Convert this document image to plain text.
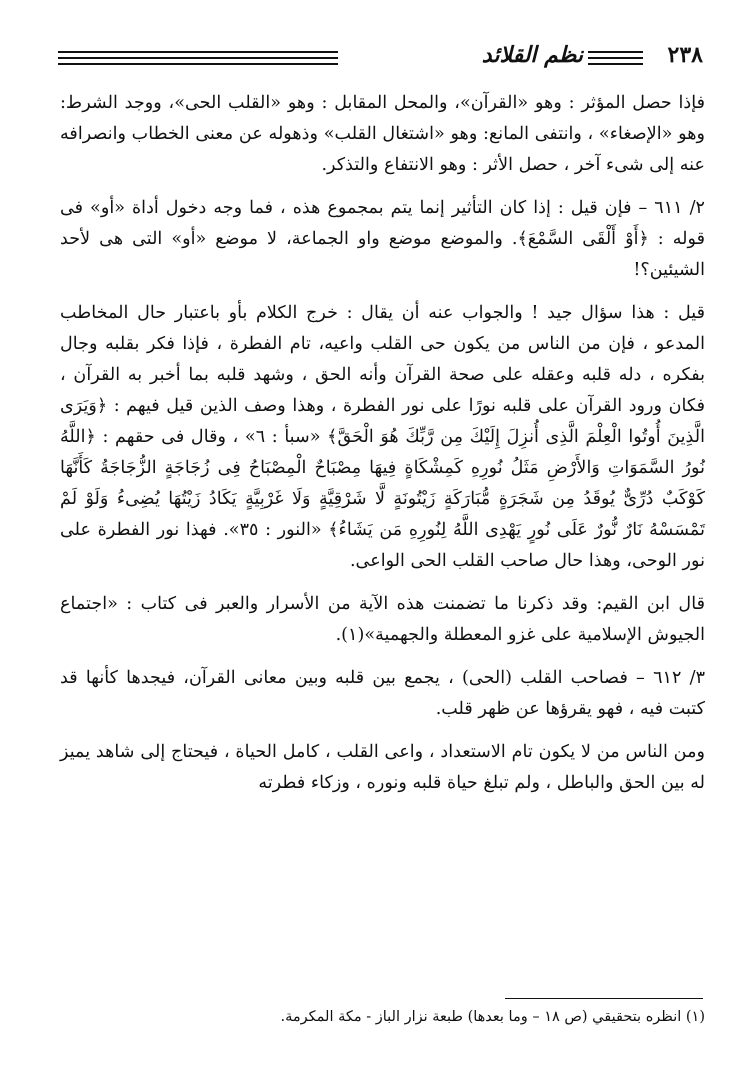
٢٣٨
نظم القلائد

فإذا حصل المؤثر : وهو «القرآن»، والمحل المقابل : وهو «القلب الحى»، ووجد الشرط: وهو «الإصغاء» ، وانتفى المانع: وهو «اشتغال القلب» وذهوله عن معنى الخطاب وانصرافه عنه إلى شىء آخر ، حصل الأثر : وهو الانتفاع والتذكر.

٢/ ٦١١ – فإن قيل : إذا كان التأثير إنما يتم بمجموع هذه ، فما وجه دخول أداة «أو» فى قوله : ﴿أَوْ أَلْقَى السَّمْعَ﴾. والموضع موضع واو الجماعة، لا موضع «أو» التى هى لأحد الشيئين؟!

قيل : هذا سؤال جيد ! والجواب عنه أن يقال : خرج الكلام بأو باعتبار حال المخاطب المدعو ، فإن من الناس من يكون حى القلب واعيه، تام الفطرة ، فإذا فكر بقلبه وجال بفكره ، دله قلبه وعقله على صحة القرآن وأنه الحق ، وشهد قلبه بما أخبر به القرآن ، فكان ورود القرآن على قلبه نورًا على نور الفطرة ، وهذا وصف الذين قيل فيهم : ﴿وَيَرَى الَّذِينَ أُوتُوا الْعِلْمَ الَّذِى أُنزِلَ إِلَيْكَ مِن رَّبِّكَ هُوَ الْحَقَّ﴾ «سبأ : ٦» ، وقال فى حقهم : ﴿اللَّهُ نُورُ السَّمَوَاتِ وَالأَرْضِ مَثَلُ نُورِهِ كَمِشْكَاةٍ فِيهَا مِصْبَاحٌ الْمِصْبَاحُ فِى زُجَاجَةٍ الزُّجَاجَةُ كَأَنَّهَا كَوْكَبٌ دُرِّىٌّ يُوقَدُ مِن شَجَرَةٍ مُّبَارَكَةٍ زَيْتُونَةٍ لَّا شَرْقِيَّةٍ وَلَا غَرْبِيَّةٍ يَكَادُ زَيْتُهَا يُضِىءُ وَلَوْ لَمْ تَمْسَسْهُ نَارٌ نُّورٌ عَلَى نُورٍ يَهْدِى اللَّهُ لِنُورِهِ مَن يَشَاءُ﴾ «النور : ٣٥». فهذا نور الفطرة على نور الوحى، وهذا حال صاحب القلب الحى الواعى.

قال ابن القيم: وقد ذكرنا ما تضمنت هذه الآية من الأسرار والعبر فى كتاب : «اجتماع الجيوش الإسلامية على غزو المعطلة والجهمية»(١).

٣/ ٦١٢ – فصاحب القلب (الحى) ، يجمع بين قلبه وبين معانى القرآن، فيجدها كأنها قد كتبت فيه ، فهو يقرؤها عن ظهر قلب.

ومن الناس من لا يكون تام الاستعداد ، واعى القلب ، كامل الحياة ، فيحتاج إلى شاهد يميز له بين الحق والباطل ، ولم تبلغ حياة قلبه ونوره ، وزكاء فطرته

(١) انظره بتحقيقي (ص ١٨ – وما بعدها) طبعة نزار الباز - مكة المكرمة.
